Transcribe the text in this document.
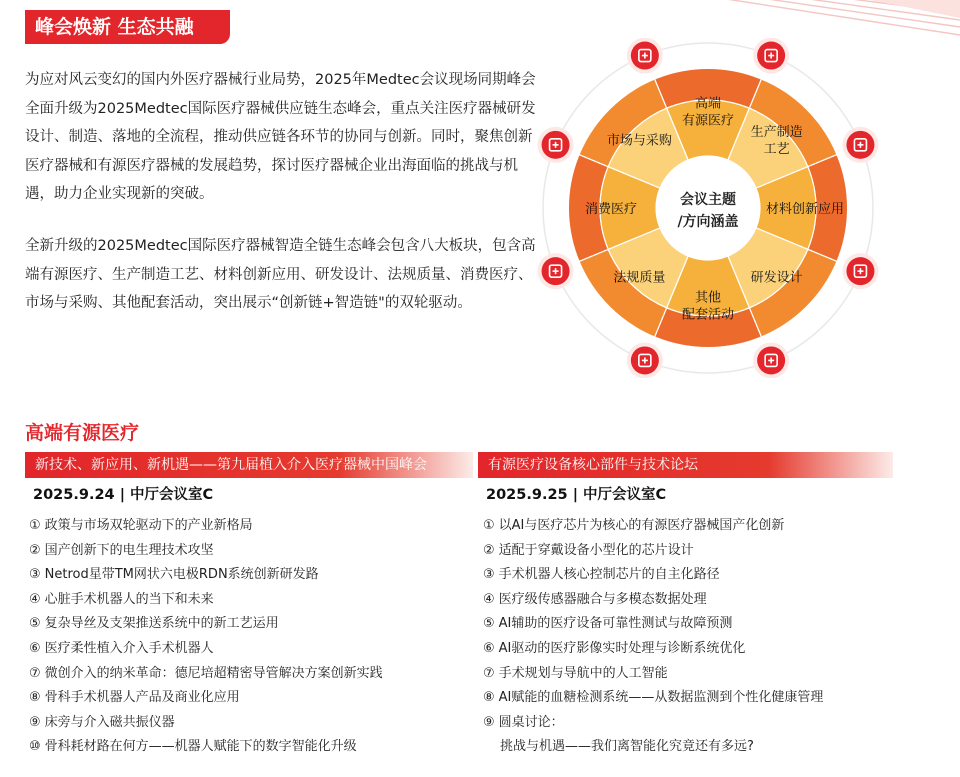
峰会焕新 生态共融

为应对风云变幻的国内外医疗器械行业局势，2025年Medtec会议现场同期峰会全面升级为2025Medtec国际医疗器械供应链生态峰会，重点关注医疗器械研发设计、制造、落地的全流程，推动供应链各环节的协同与创新。同时，聚焦创新医疗器械和有源医疗器械的发展趋势，探讨医疗器械企业出海面临的挑战与机遇，助力企业实现新的突破。

全新升级的2025Medtec国际医疗器械智造全链生态峰会包含八大板块，包含高端有源医疗、生产制造工艺、材料创新应用、研发设计、法规质量、消费医疗、市场与采购、其他配套活动，突出展示“创新链+智造链"的双轮驱动。

会议主题
/方向涵盖
高端
有源医疗
生产制造
工艺
材料创新应用
研发设计
其他
配套活动
法规质量
消费医疗
市场与采购
高端有源医疗
新技术、新应用、新机遇——第九届植入介入医疗器械中国峰会
2025.9.24 | 中厅会议室C
① 政策与市场双轮驱动下的产业新格局
② 国产创新下的电生理技术攻坚
③ Netrod星带TM网状六电极RDN系统创新研发路
④ 心脏手术机器人的当下和未来
⑤ 复杂导丝及支架推送系统中的新工艺运用
⑥ 医疗柔性植入介入手术机器人
⑦ 微创介入的纳米革命：德尼培超精密导管解决方案创新实践
⑧ 骨科手术机器人产品及商业化应用
⑨ 床旁与介入磁共振仪器
⑩ 骨科耗材路在何方——机器人赋能下的数字智能化升级
有源医疗设备核心部件与技术论坛
2025.9.25 | 中厅会议室C
① 以AI与医疗芯片为核心的有源医疗器械国产化创新
② 适配于穿戴设备小型化的芯片设计
③ 手术机器人核心控制芯片的自主化路径
④ 医疗级传感器融合与多模态数据处理
⑤ AI辅助的医疗设备可靠性测试与故障预测
⑥ AI驱动的医疗影像实时处理与诊断系统优化
⑦ 手术规划与导航中的人工智能
⑧ AI赋能的血糖检测系统——从数据监测到个性化健康管理
⑨ 圆桌讨论：
挑战与机遇——我们离智能化究竟还有多远?
